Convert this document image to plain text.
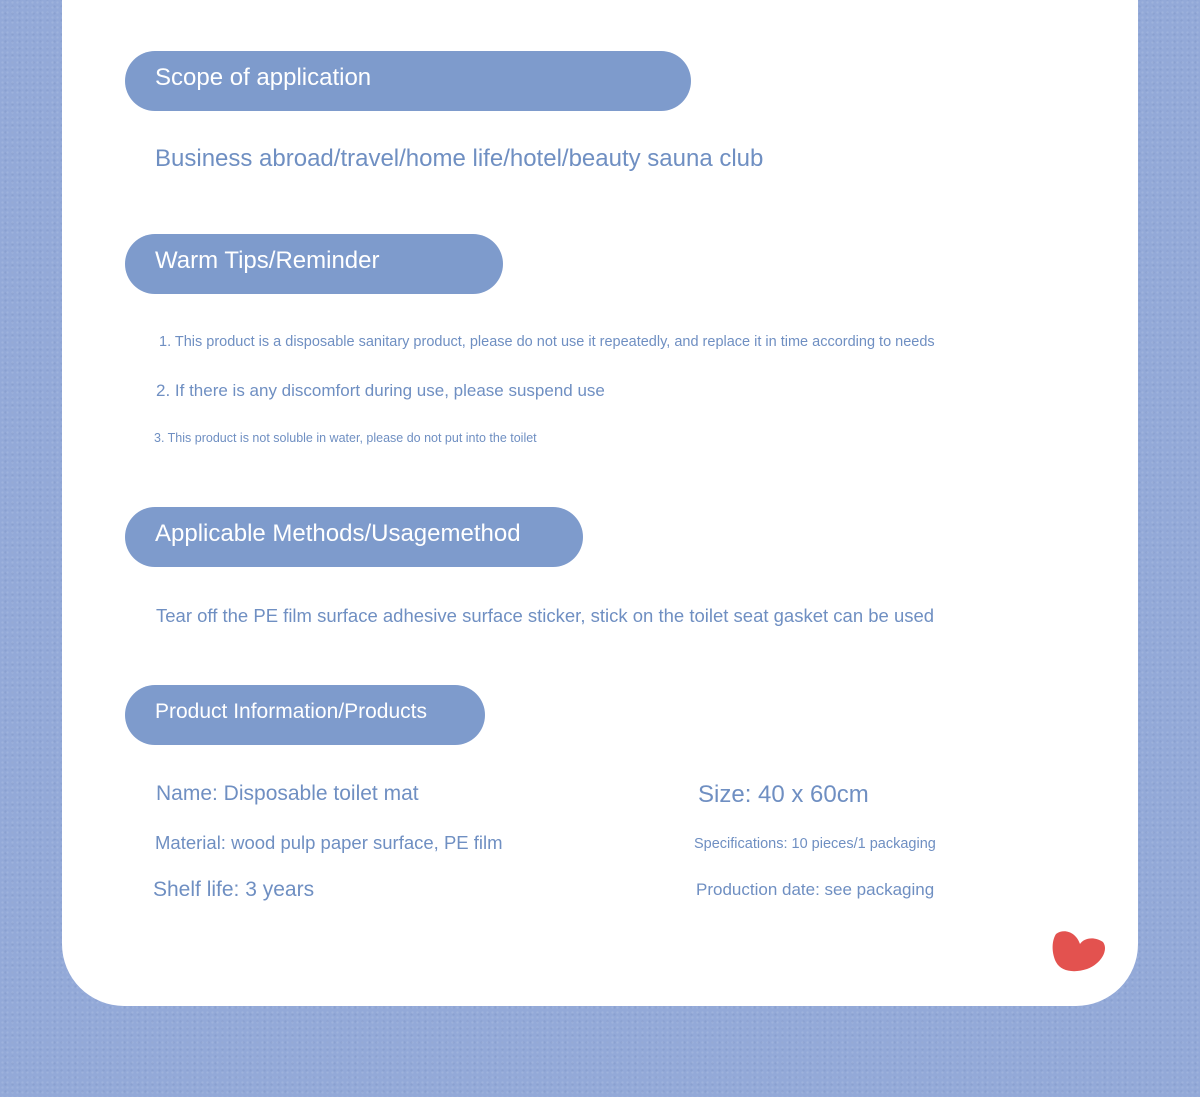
Scope of application
Business abroad/travel/home life/hotel/beauty sauna club
Warm Tips/Reminder
1. This product is a disposable sanitary product, please do not use it repeatedly, and replace it in time according to needs
2. If there is any discomfort during use, please suspend use
3. This product is not soluble in water, please do not put into the toilet
Applicable Methods/Usagemethod
Tear off the PE film surface adhesive surface sticker, stick on the toilet seat gasket can be used
Product Information/Products
Name: Disposable toilet mat	Size: 40 x 60cm
Material: wood pulp paper surface, PE film	Specifications: 10 pieces/1 packaging
Shelf life: 3 years	Production date: see packaging
